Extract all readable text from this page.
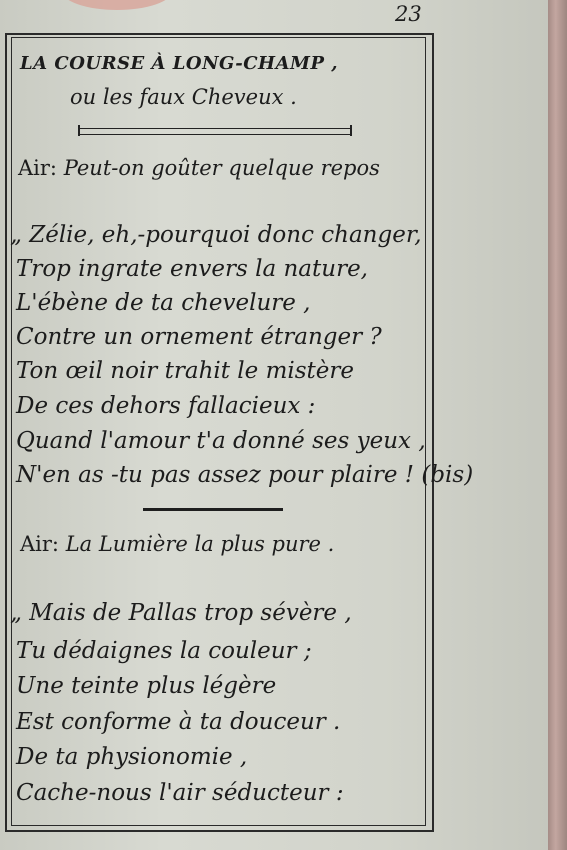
23
LA COURSE À LONG-CHAMP ,
ou les faux Cheveux .
Air: Peut-on goûter quelque repos
„ Zélie, eh,-pourquoi donc changer,
Trop ingrate envers la nature,
L'ébène de ta chevelure ,
Contre un ornement étranger ?
Ton œil noir trahit le mistère
De ces dehors fallacieux :
Quand l'amour t'a donné ses yeux ,
N'en as -tu pas assez pour plaire ! (bis)
Air: La Lumière la plus pure .
„ Mais de Pallas trop sévère ,
Tu dédaignes la couleur ;
Une teinte plus légère
Est conforme à ta douceur .
De ta physionomie ,
Cache-nous l'air séducteur :
